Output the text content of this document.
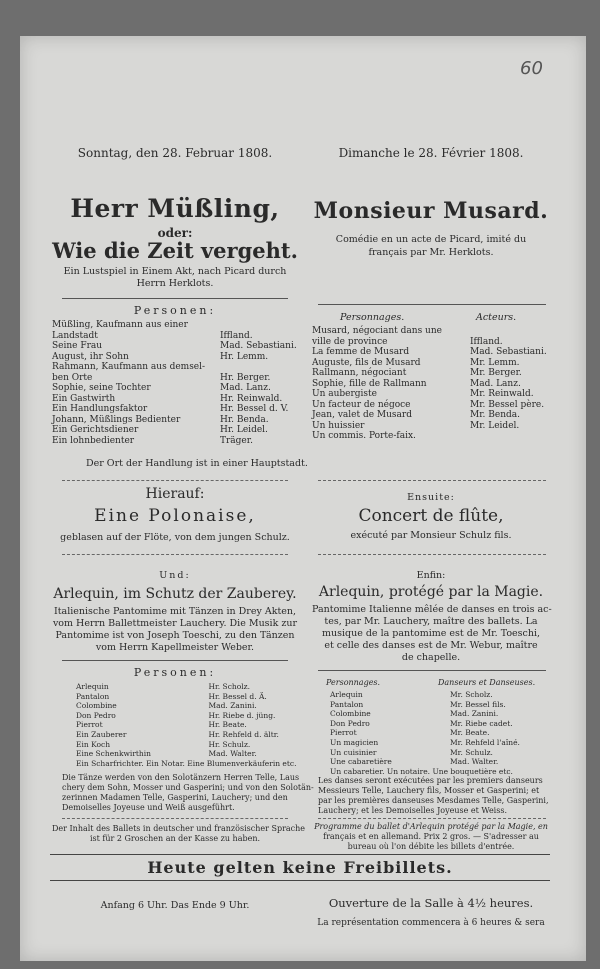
60
Sonntag, den 28. Februar 1808.
Herr Müßling,
oder:
Wie die Zeit vergeht.
Ein Lustspiel in Einem Akt, nach Picard durch
Herrn Herklots.
Personen:
Müßling, Kaufmann aus einer	
Landstadt	Iffland.
Seine Frau	Mad. Sebastiani.
August, ihr Sohn	Hr. Lemm.
Rahmann, Kaufmann aus demsel-	
ben Orte	Hr. Berger.
Sophie, seine Tochter	Mad. Lanz.
Ein Gastwirth	Hr. Reinwald.
Ein Handlungsfaktor	Hr. Bessel d. V.
Johann, Müßlings Bedienter	Hr. Benda.
Ein Gerichtsdiener	Hr. Leidel.
Ein lohnbedienter	Träger.
Der Ort der Handlung ist in einer Hauptstadt.
Hierauf:
Eine Polonaise,
geblasen auf der Flöte, von dem jungen Schulz.
Und:
Arlequin, im Schutz der Zauberey.
Italienische Pantomime mit Tänzen in Drey Akten,
vom Herrn Ballettmeister Lauchery. Die Musik zur
Pantomime ist von Joseph Toeschi, zu den Tänzen
vom Herrn Kapellmeister Weber.
Personen:
Arlequin	Hr. Scholz.
Pantalon	Hr. Bessel d. Ä.
Colombine	Mad. Zanini.
Don Pedro	Hr. Riebe d. jüng.
Pierrot	Hr. Beate.
Ein Zauberer	Hr. Rehfeld d. ältr.
Ein Koch	Hr. Schulz.
Eine Schenkwirthin	Mad. Walter.
Ein Scharfrichter. Ein Notar. Eine Blumenverkäuferin etc.	
Die Tänze werden von den Solotänzern Herren Telle, Laus
chery dem Sohn, Mosser und Gasperini; und von den Solotän-
zerinnen Madamen Telle, Gasperini, Lauchery; und den
Demoiselles Joyeuse und Weiß ausgeführt.
Der Inhalt des Ballets in deutscher und französischer Sprache
ist für 2 Groschen an der Kasse zu haben.
Dimanche le 28. Février 1808.
Monsieur Musard.
Comédie en un acte de Picard, imité du
français par Mr. Herklots.
Personnages.	Acteurs.
Musard, négociant dans une	
ville de province	Iffland.
La femme de Musard	Mad. Sebastiani.
Auguste, fils de Musard	Mr. Lemm.
Rallmann, négociant	Mr. Berger.
Sophie, fille de Rallmann	Mad. Lanz.
Un aubergiste	Mr. Reinwald.
Un facteur de négoce	Mr. Bessel père.
Jean, valet de Musard	Mr. Benda.
Un huissier	Mr. Leidel.
Un commis. Porte-faix.	
Ensuite:
Concert de flûte,
exécuté par Monsieur Schulz fils.
Enfin:
Arlequin, protégé par la Magie.
Pantomime Italienne mêlée de danses en trois ac-
tes, par Mr. Lauchery, maître des ballets. La
musique de la pantomime est de Mr. Toeschi,
et celle des danses est de Mr. Webur, maître
de chapelle.
Personnages.	Danseurs et Danseuses.
Arlequin	Mr. Scholz.
Pantalon	Mr. Bessel fils.
Colombine	Mad. Zanini.
Don Pedro	Mr. Riebe cadet.
Pierrot	Mr. Beate.
Un magicien	Mr. Rehfeld l'aîné.
Un cuisinier	Mr. Schulz.
Une cabaretière	Mad. Walter.
Un cabaretier. Un notaire. Une bouquetière etc.	
Les danses seront exécutées par les premiers danseurs
Messieurs Telle, Lauchery fils, Mosser et Gasperini; et
par les premières danseuses Mesdames Telle, Gasperini,
Lauchery; et les Demoiselles Joyeuse et Weiss.
Programme du ballet d'Arlequin protégé par la Magie, en
français et en allemand. Prix 2 gros. — S'adresser au
bureau où l'on débite les billets d'entrée.
Heute gelten keine Freibillets.
Anfang 6 Uhr. Das Ende 9 Uhr.	Ouverture de la Salle à 4½ heures.
La représentation commencera à 6 heures & sera
